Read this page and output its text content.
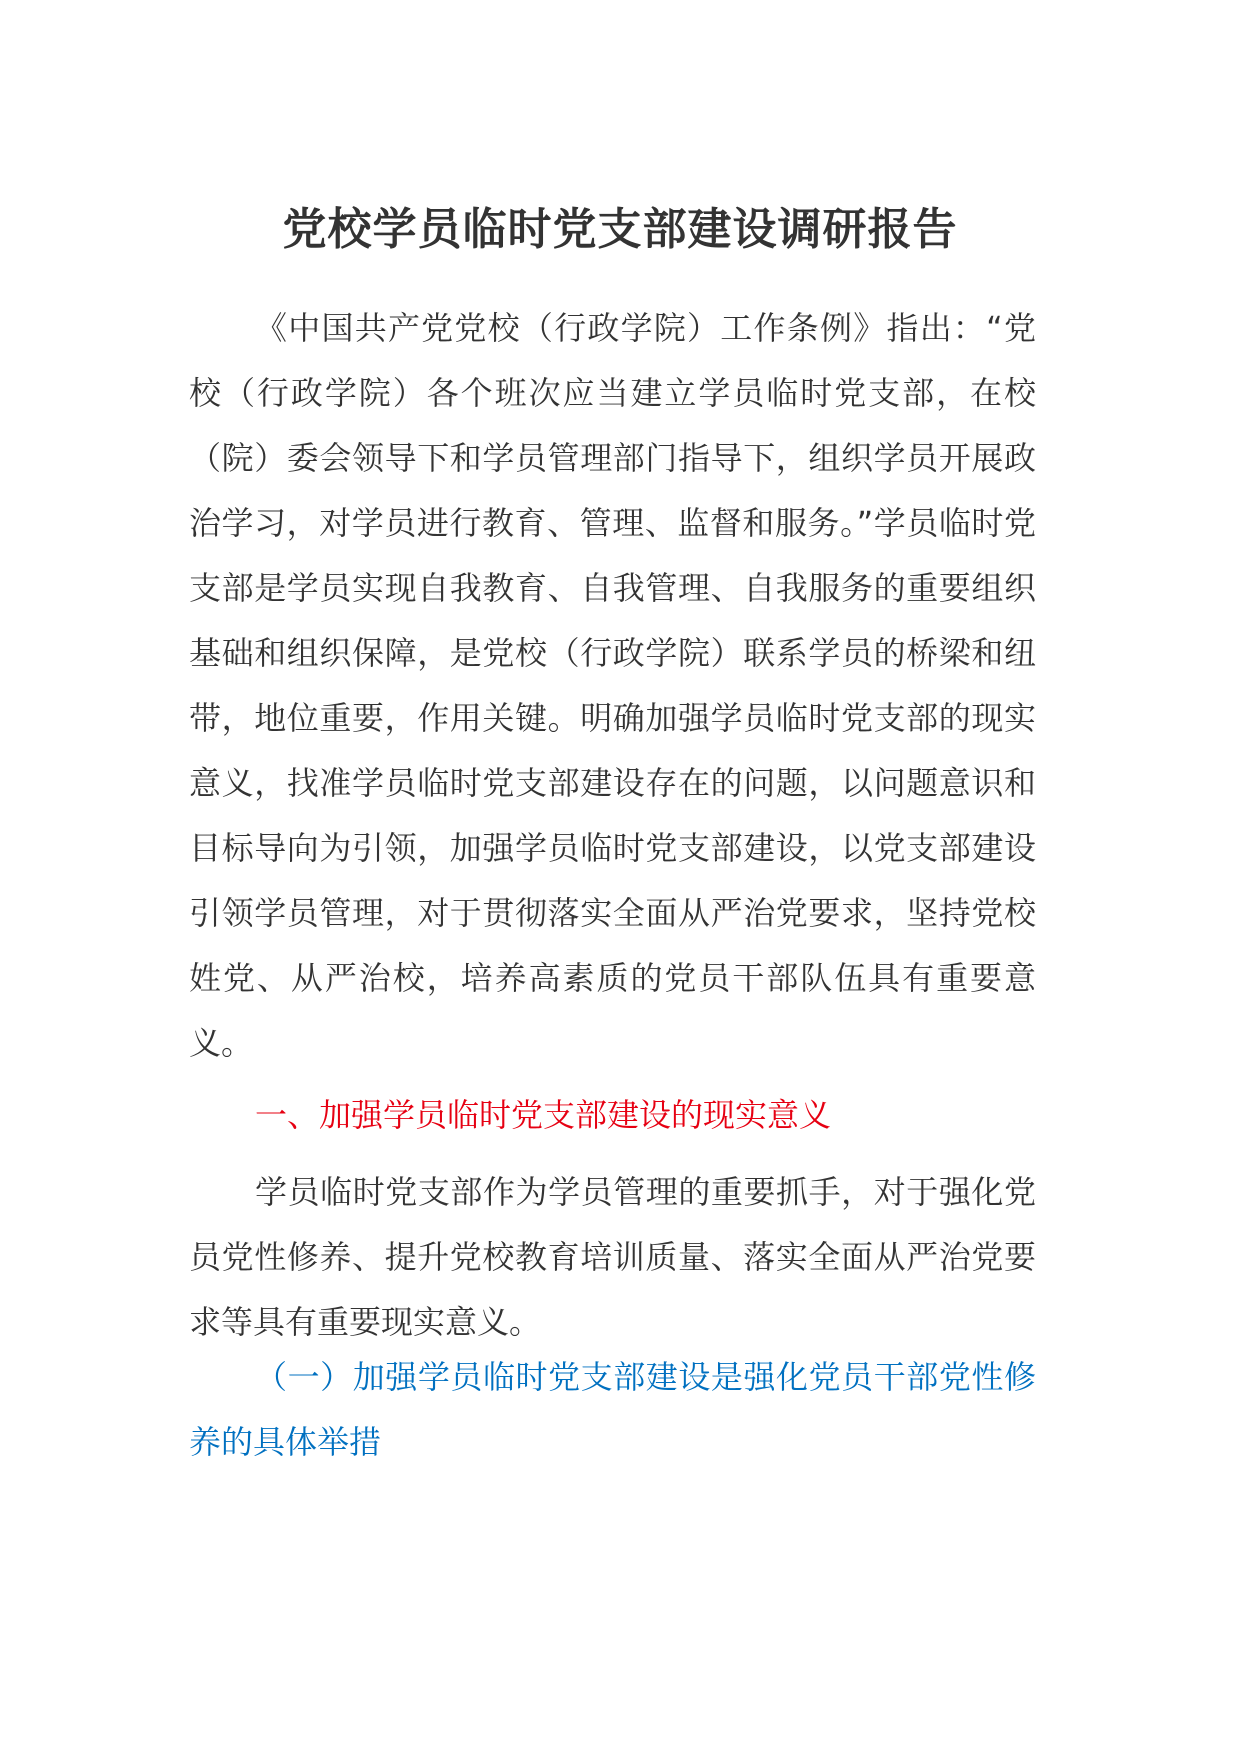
党校学员临时党支部建设调研报告

《中国共产党党校（行政学院）工作条例》指出：“党校（行政学院）各个班次应当建立学员临时党支部，在校（院）委会领导下和学员管理部门指导下，组织学员开展政治学习，对学员进行教育、管理、监督和服务。”学员临时党支部是学员实现自我教育、自我管理、自我服务的重要组织基础和组织保障，是党校（行政学院）联系学员的桥梁和纽带，地位重要，作用关键。明确加强学员临时党支部的现实意义，找准学员临时党支部建设存在的问题，以问题意识和目标导向为引领，加强学员临时党支部建设，以党支部建设引领学员管理，对于贯彻落实全面从严治党要求，坚持党校姓党、从严治校，培养高素质的党员干部队伍具有重要意义。

一、加强学员临时党支部建设的现实意义

学员临时党支部作为学员管理的重要抓手，对于强化党员党性修养、提升党校教育培训质量、落实全面从严治党要求等具有重要现实意义。

（一）加强学员临时党支部建设是强化党员干部党性修养的具体举措
